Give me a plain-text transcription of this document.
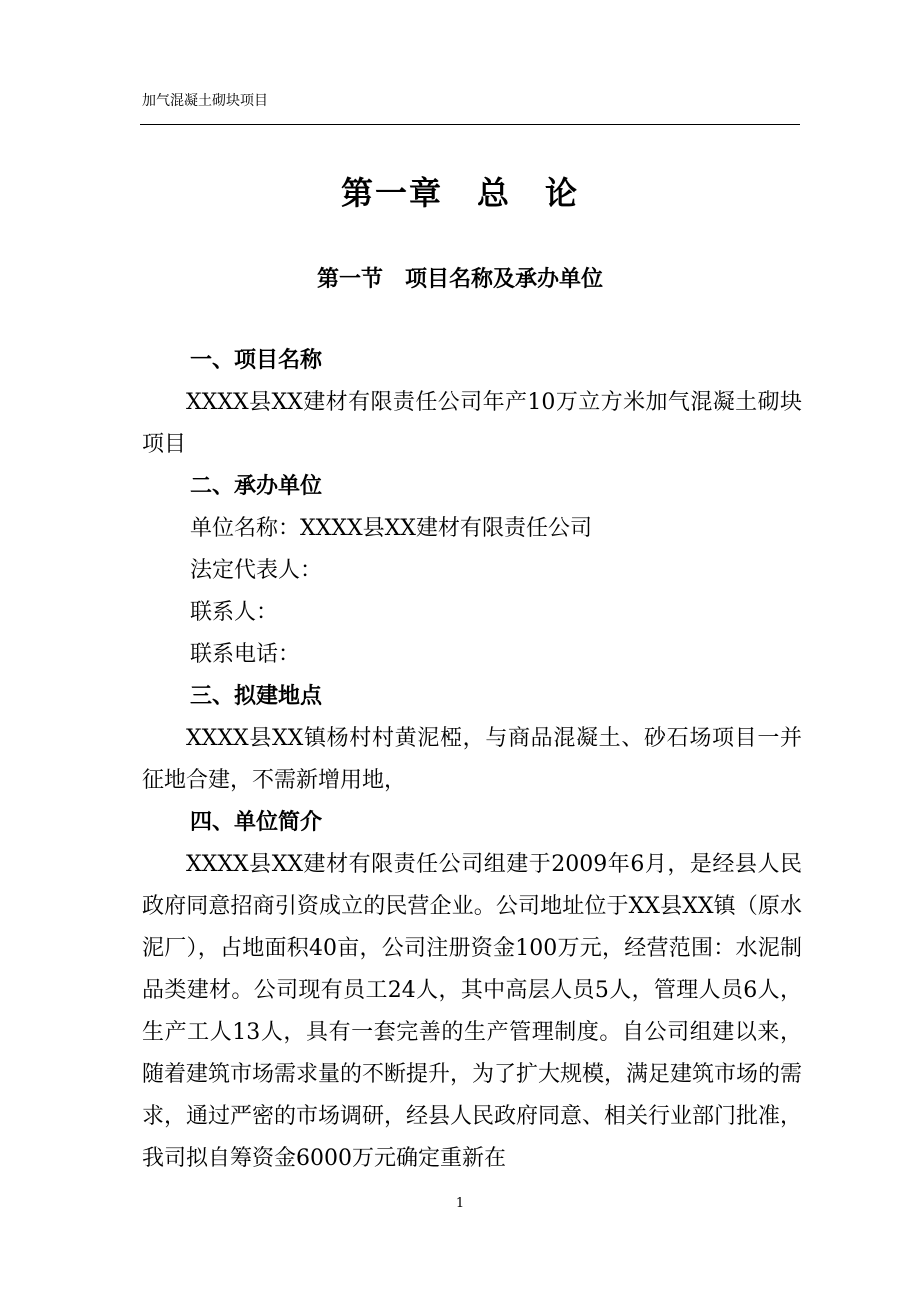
加气混凝土砌块项目
第一章　总　论
第一节　项目名称及承办单位

一、项目名称

XXXX县XX建材有限责任公司年产10万立方米加气混凝土砌块项目

二、承办单位

单位名称：XXXX县XX建材有限责任公司

法定代表人：

联系人：

联系电话：

三、拟建地点

XXXX县XX镇杨村村黄泥椏，与商品混凝土、砂石场项目一并征地合建，不需新增用地，

四、单位简介

XXXX县XX建材有限责任公司组建于2009年6月，是经县人民政府同意招商引资成立的民营企业。公司地址位于XX县XX镇（原水泥厂），占地面积40亩，公司注册资金100万元，经营范围：水泥制品类建材。公司现有员工24人，其中高层人员5人，管理人员6人，生产工人13人，具有一套完善的生产管理制度。自公司组建以来，随着建筑市场需求量的不断提升，为了扩大规模，满足建筑市场的需求，通过严密的市场调研，经县人民政府同意、相关行业部门批准，我司拟自筹资金6000万元确定重新在

1
